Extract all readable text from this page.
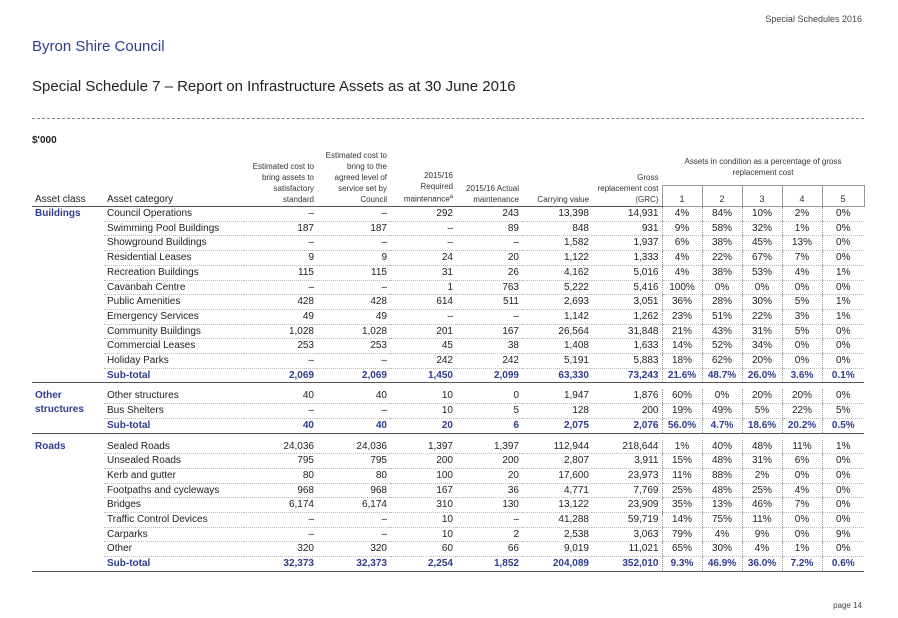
Special Schedules 2016
Byron Shire Council
Special Schedule 7 – Report on Infrastructure Assets as at 30 June 2016
$'000
Asset class	Asset category	Estimated cost to bring assets to satisfactory standard	Estimated cost to bring to the agreed level of service set by Council	2015/16 Required maintenance$^a$	2015/16 Actual maintenance	Carrying value	Gross replacement cost (GRC)	Assets in condition as a percentage of gross replacement cost				
								1	2	3	4	5

Buildings	Council Operations	–	–	292	243	13,398	14,931	4%	84%	10%	2%	0%
	Swimming Pool Buildings	187	187	–	89	848	931	9%	58%	32%	1%	0%
	Showground Buildings	–	–	–	–	1,582	1,937	6%	38%	45%	13%	0%
	Residential Leases	9	9	24	20	1,122	1,333	4%	22%	67%	7%	0%
	Recreation Buildings	115	115	31	26	4,162	5,016	4%	38%	53%	4%	1%
	Cavanbah Centre	–	–	1	763	5,222	5,416	100%	0%	0%	0%	0%
	Public Amenities	428	428	614	511	2,693	3,051	36%	28%	30%	5%	1%
	Emergency Services	49	49	–	–	1,142	1,262	23%	51%	22%	3%	1%
	Community Buildings	1,028	1,028	201	167	26,564	31,848	21%	43%	31%	5%	0%
	Commercial Leases	253	253	45	38	1,408	1,633	14%	52%	34%	0%	0%
	Holiday Parks	–	–	242	242	5,191	5,883	18%	62%	20%	0%	0%
	Sub-total	2,069	2,069	1,450	2,099	63,330	73,243	21.6%	48.7%	26.0%	3.6%	0.1%

Other
structures	Other structures	40	40	10	0	1,947	1,876	60%	0%	20%	20%	0%
	Bus Shelters	–	–	10	5	128	200	19%	49%	5%	22%	5%
	Sub-total	40	40	20	6	2,075	2,076	56.0%	4.7%	18.6%	20.2%	0.5%

Roads	Sealed Roads	24,036	24,036	1,397	1,397	112,944	218,644	1%	40%	48%	11%	1%
	Unsealed Roads	795	795	200	200	2,807	3,911	15%	48%	31%	6%	0%
	Kerb and gutter	80	80	100	20	17,600	23,973	11%	88%	2%	0%	0%
	Footpaths and cycleways	968	968	167	36	4,771	7,769	25%	48%	25%	4%	0%
	Bridges	6,174	6,174	310	130	13,122	23,909	35%	13%	46%	7%	0%
	Traffic Control Devices	–	–	10	–	41,288	59,719	14%	75%	11%	0%	0%
	Carparks	–	–	10	2	2,538	3,063	79%	4%	9%	0%	9%
	Other	320	320	60	66	9,019	11,021	65%	30%	4%	1%	0%
	Sub-total	32,373	32,373	2,254	1,852	204,089	352,010	9.3%	46.9%	36.0%	7.2%	0.6%
page 14
